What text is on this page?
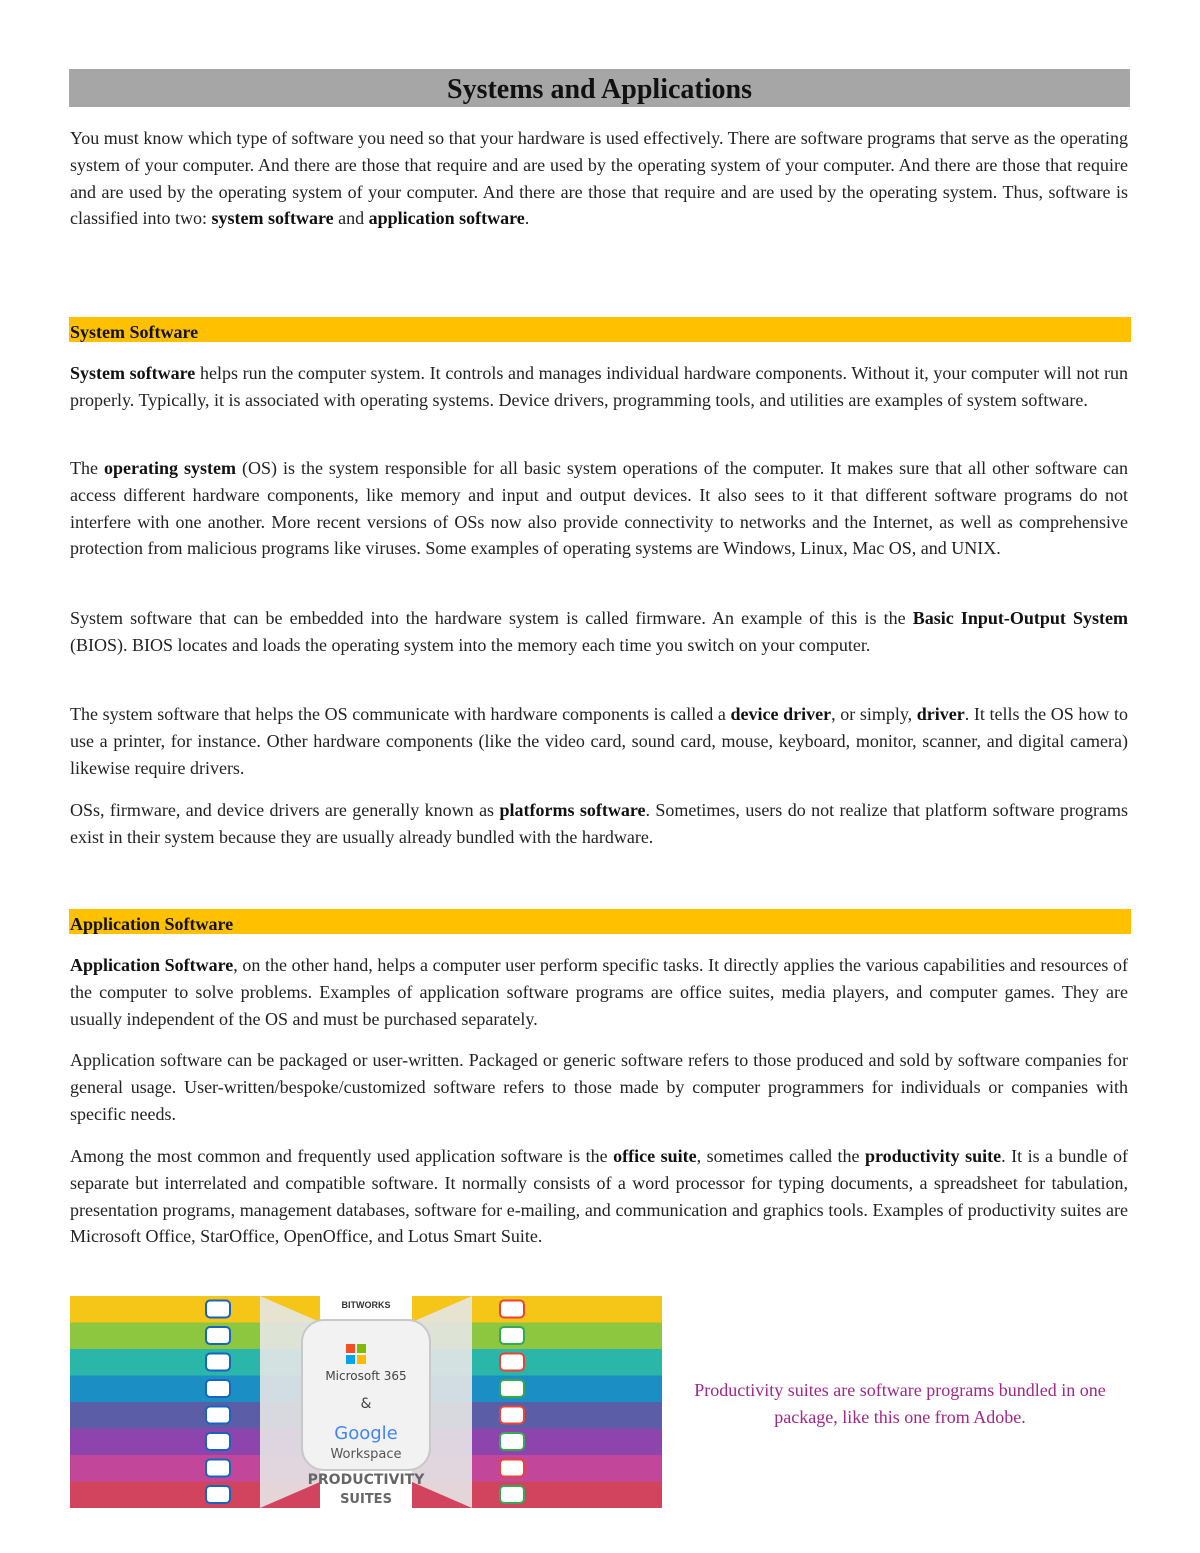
Systems and Applications

You must know which type of software you need so that your hardware is used effectively. There are software programs that serve as the operating system of your computer. And there are those that require and are used by the operating system of your computer. And there are those that require and are used by the operating system of your computer. And there are those that require and are used by the operating system. Thus, software is classified into two: system software and application software.

System Software

System software helps run the computer system. It controls and manages individual hardware components. Without it, your computer will not run properly. Typically, it is associated with operating systems. Device drivers, programming tools, and utilities are examples of system software.

The operating system (OS) is the system responsible for all basic system operations of the computer. It makes sure that all other software can access different hardware components, like memory and input and output devices. It also sees to it that different software programs do not interfere with one another. More recent versions of OSs now also provide connectivity to networks and the Internet, as well as comprehensive protection from malicious programs like viruses. Some examples of operating systems are Windows, Linux, Mac OS, and UNIX.

System software that can be embedded into the hardware system is called firmware. An example of this is the Basic Input-Output System (BIOS). BIOS locates and loads the operating system into the memory each time you switch on your computer.

The system software that helps the OS communicate with hardware components is called a device driver, or simply, driver. It tells the OS how to use a printer, for instance. Other hardware components (like the video card, sound card, mouse, keyboard, monitor, scanner, and digital camera) likewise require drivers.

OSs, firmware, and device drivers are generally known as platforms software. Sometimes, users do not realize that platform software programs exist in their system because they are usually already bundled with the hardware.

Application Software

Application Software, on the other hand, helps a computer user perform specific tasks. It directly applies the various capabilities and resources of the computer to solve problems. Examples of application software programs are office suites, media players, and computer games. They are usually independent of the OS and must be purchased separately.

Application software can be packaged or user-written. Packaged or generic software refers to those produced and sold by software companies for general usage. User-written/bespoke/customized software refers to those made by computer programmers for individuals or companies with specific needs.

Among the most common and frequently used application software is the office suite, sometimes called the productivity suite. It is a bundle of separate but interrelated and compatible software. It normally consists of a word processor for typing documents, a spreadsheet for tabulation, presentation programs, management databases, software for e-mailing, and communication and graphics tools. Examples of productivity suites are Microsoft Office, StarOffice, OpenOffice, and Lotus Smart Suite.

BITWORKS
Microsoft 365
&
Google
Workspace
PRODUCTIVITY
SUITES
Productivity suites are software programs bundled in one package, like this one from Adobe.
